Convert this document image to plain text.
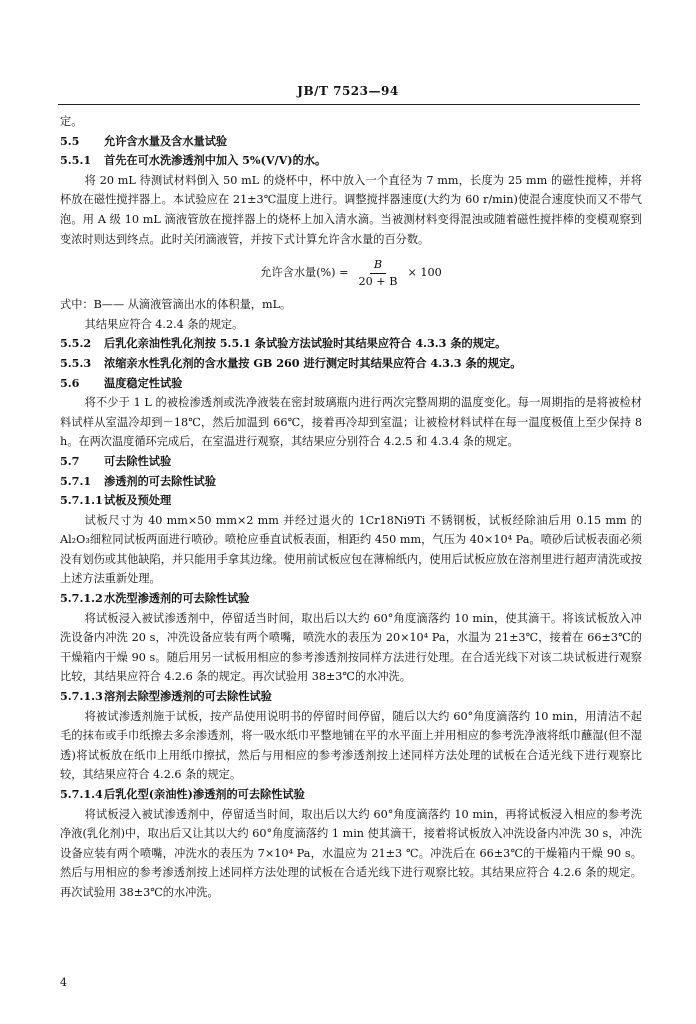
JB/T 7523—94

定。

5.5 允许含水量及含水量试验

5.5.1 首先在可水洗渗透剂中加入 5%(V/V)的水。

将 20 mL 待测试材料倒入 50 mL 的烧杯中，杯中放入一个直径为 7 mm，长度为 25 mm 的磁性搅棒，并将杯放在磁性搅拌器上。本试验应在 21±3℃温度上进行。调整搅拌器速度(大约为 60 r/min)使混合速度快而又不带气泡。用 A 级 10 mL 滴液管放在搅拌器上的烧杯上加入清水滴。当被测材料变得混浊或随着磁性搅拌棒的变模观察到变浓时则达到终点。此时关闭滴液管，并按下式计算允许含水量的百分数。

允许含水量(%) = $\frac{B}{20 + B} \times 100$

式中：B—— 从滴液管滴出水的体积量，mL。

其结果应符合 4.2.4 条的规定。

5.5.2 后乳化亲油性乳化剂按 5.5.1 条试验方法试验时其结果应符合 4.3.3 条的规定。

5.5.3 浓缩亲水性乳化剂的含水量按 GB 260 进行测定时其结果应符合 4.3.3 条的规定。

5.6 温度稳定性试验

将不少于 1 L 的被检渗透剂或洗净液装在密封玻璃瓶内进行两次完整周期的温度变化。每一周期指的是将被检材料试样从室温冷却到－18℃，然后加温到 66℃，接着再冷却到室温；让被检材料试样在每一温度极值上至少保持 8 h。在两次温度循环完成后，在室温进行观察，其结果应分别符合 4.2.5 和 4.3.4 条的规定。

5.7 可去除性试验

5.7.1 渗透剂的可去除性试验

5.7.1.1试板及预处理

试板尺寸为 40 mm×50 mm×2 mm 并经过退火的 1Cr18Ni9Ti 不锈钢板，试板经除油后用 0.15 mm 的 Al₂O₃细粒同试板两面进行喷砂。喷枪应垂直试板表面，相距约 450 mm，气压为 40×10⁴ Pa。喷砂后试板表面必须没有划伤或其他缺陷，并只能用手拿其边缘。使用前试板应包在薄棉纸内，使用后试板应放在溶剂里进行超声清洗或按上述方法重新处理。

5.7.1.2水洗型渗透剂的可去除性试验

将试板浸入被试渗透剂中，停留适当时间，取出后以大约 60°角度滴落约 10 min，使其滴干。将该试板放入冲洗设备内冲洗 20 s，冲洗设备应装有两个喷嘴，喷洗水的表压为 20×10⁴ Pa，水温为 21±3℃，接着在 66±3℃的干燥箱内干燥 90 s。随后用另一试板用相应的参考渗透剂按同样方法进行处理。在合适光线下对该二块试板进行观察比较，其结果应符合 4.2.6 条的规定。再次试验用 38±3℃的水冲洗。

5.7.1.3溶剂去除型渗透剂的可去除性试验

将被试渗透剂施于试板，按产品使用说明书的停留时间停留，随后以大约 60°角度滴落约 10 min，用清洁不起毛的抹布或手巾纸擦去多余渗透剂，将一吸水纸巾平整地铺在平的水平面上并用相应的参考洗净液将纸巾蘸湿(但不湿透)将试板放在纸巾上用纸巾擦拭，然后与用相应的参考渗透剂按上述同样方法处理的试板在合适光线下进行观察比较，其结果应符合 4.2.6 条的规定。

5.7.1.4后乳化型(亲油性)渗透剂的可去除性试验

将试板浸入被试渗透剂中，停留适当时间，取出后以大约 60°角度滴落约 10 min，再将试板浸入相应的参考洗净液(乳化剂)中，取出后又让其以大约 60°角度滴落约 1 min 使其滴干，接着将试板放入冲洗设备内冲洗 30 s，冲洗设备应装有两个喷嘴，冲洗水的表压为 7×10⁴ Pa，水温应为 21±3 ℃。冲洗后在 66±3℃的干燥箱内干燥 90 s。然后与用相应的参考渗透剂按上述同样方法处理的试板在合适光线下进行观察比较。其结果应符合 4.2.6 条的规定。再次试验用 38±3℃的水冲洗。

4
